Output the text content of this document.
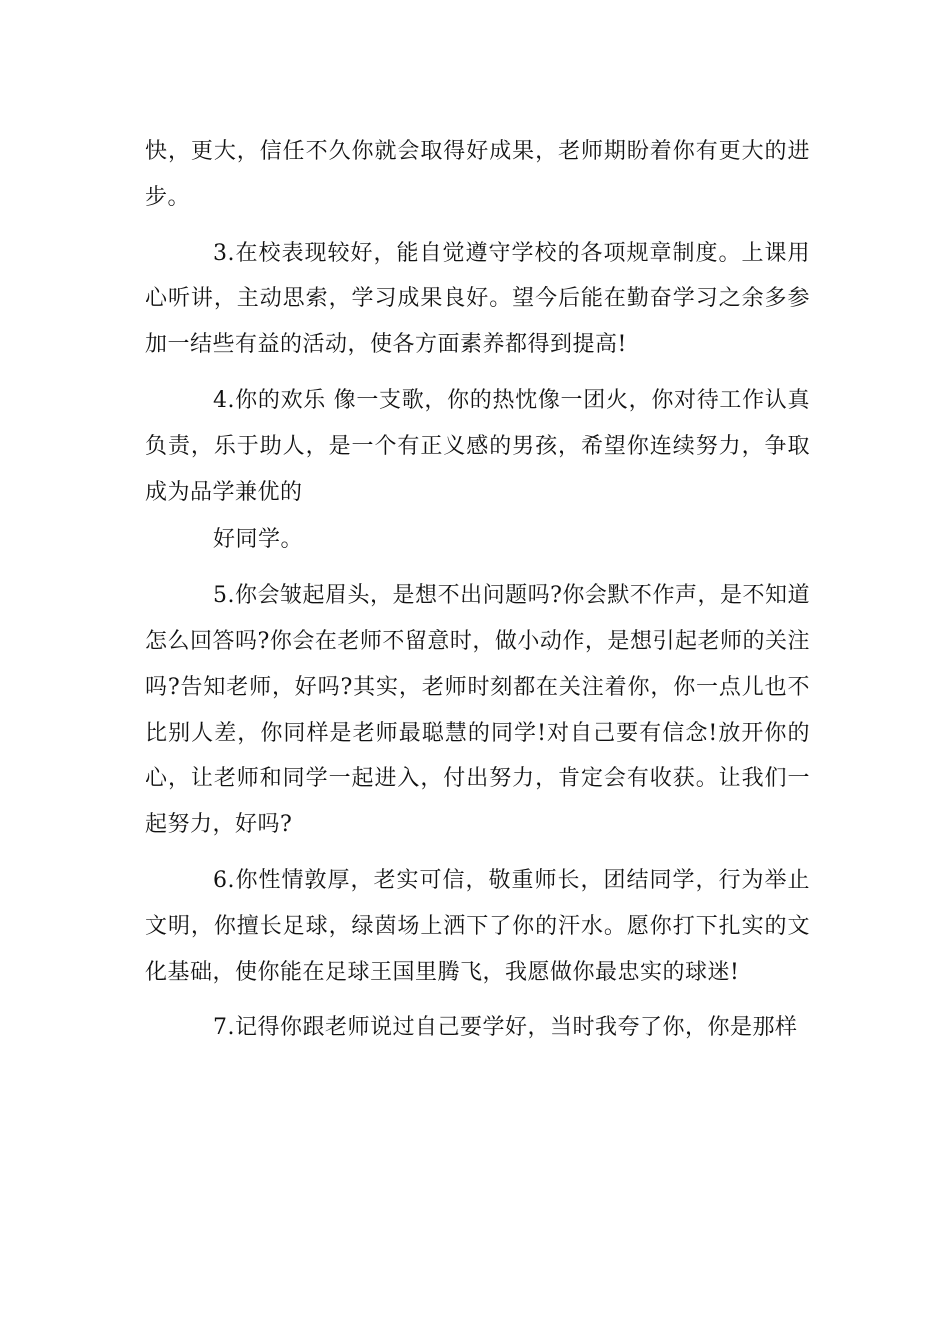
快，更大，信任不久你就会取得好成果，老师期盼着你有更大的进步。

3.在校表现较好，能自觉遵守学校的各项规章制度。上课用心听讲，主动思索，学习成果良好。望今后能在勤奋学习之余多参加一结些有益的活动，使各方面素养都得到提高!

4.你的欢乐 像一支歌，你的热忱像一团火，你对待工作认真负责，乐于助人，是一个有正义感的男孩，希望你连续努力，争取成为品学兼优的

好同学。

5.你会皱起眉头，是想不出问题吗?你会默不作声，是不知道怎么回答吗?你会在老师不留意时，做小动作，是想引起老师的关注吗?告知老师，好吗?其实，老师时刻都在关注着你，你一点儿也不比别人差，你同样是老师最聪慧的同学!对自己要有信念!放开你的心，让老师和同学一起进入，付出努力，肯定会有收获。让我们一起努力，好吗?

6.你性情敦厚，老实可信，敬重师长，团结同学，行为举止文明，你擅长足球，绿茵场上洒下了你的汗水。愿你打下扎实的文化基础，使你能在足球王国里腾飞，我愿做你最忠实的球迷!

7.记得你跟老师说过自己要学好，当时我夸了你，你是那样
